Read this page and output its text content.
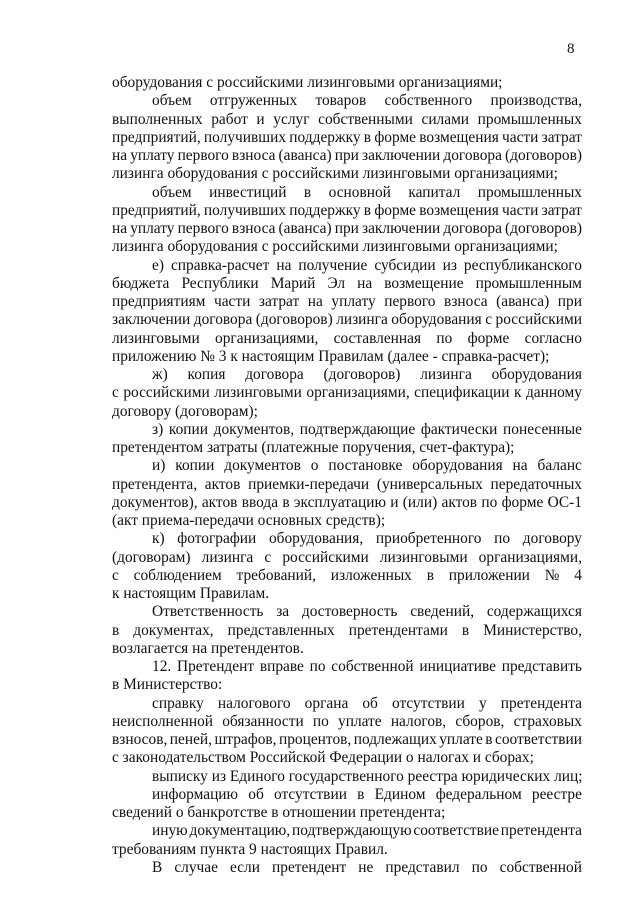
8
оборудования с российскими лизинговыми организациями;
объем отгруженных товаров собственного производства,
выполненных работ и услуг собственными силами промышленных
предприятий, получивших поддержку в форме возмещения части затрат
на уплату первого взноса (аванса) при заключении договора (договоров)
лизинга оборудования с российскими лизинговыми организациями;
объем инвестиций в основной капитал промышленных
предприятий, получивших поддержку в форме возмещения части затрат
на уплату первого взноса (аванса) при заключении договора (договоров)
лизинга оборудования с российскими лизинговыми организациями;
е) справка-расчет на получение субсидии из республиканского
бюджета Республики Марий Эл на возмещение промышленным
предприятиям части затрат на уплату первого взноса (аванса) при
заключении договора (договоров) лизинга оборудования с российскими
лизинговыми организациями, составленная по форме согласно
приложению № 3 к настоящим Правилам (далее - справка-расчет);
ж) копия договора (договоров) лизинга оборудования
с российскими лизинговыми организациями, спецификации к данному
договору (договорам);
з) копии документов, подтверждающие фактически понесенные
претендентом затраты (платежные поручения, счет-фактура);
и) копии документов о постановке оборудования на баланс
претендента, актов приемки-передачи (универсальных передаточных
документов), актов ввода в эксплуатацию и (или) актов по форме ОС-1
(акт приема-передачи основных средств);
к) фотографии оборудования, приобретенного по договору
(договорам) лизинга с российскими лизинговыми организациями,
с соблюдением требований, изложенных в приложении № 4
к настоящим Правилам.
Ответственность за достоверность сведений, содержащихся
в документах, представленных претендентами в Министерство,
возлагается на претендентов.
12. Претендент вправе по собственной инициативе представить
в Министерство:
справку налогового органа об отсутствии у претендента
неисполненной обязанности по уплате налогов, сборов, страховых
взносов, пеней, штрафов, процентов, подлежащих уплате в соответствии
с законодательством Российской Федерации о налогах и сборах;
выписку из Единого государственного реестра юридических лиц;
информацию об отсутствии в Едином федеральном реестре
сведений о банкротстве в отношении претендента;
иную документацию, подтверждающую соответствие претендента
требованиям пункта 9 настоящих Правил.
В случае если претендент не представил по собственной
